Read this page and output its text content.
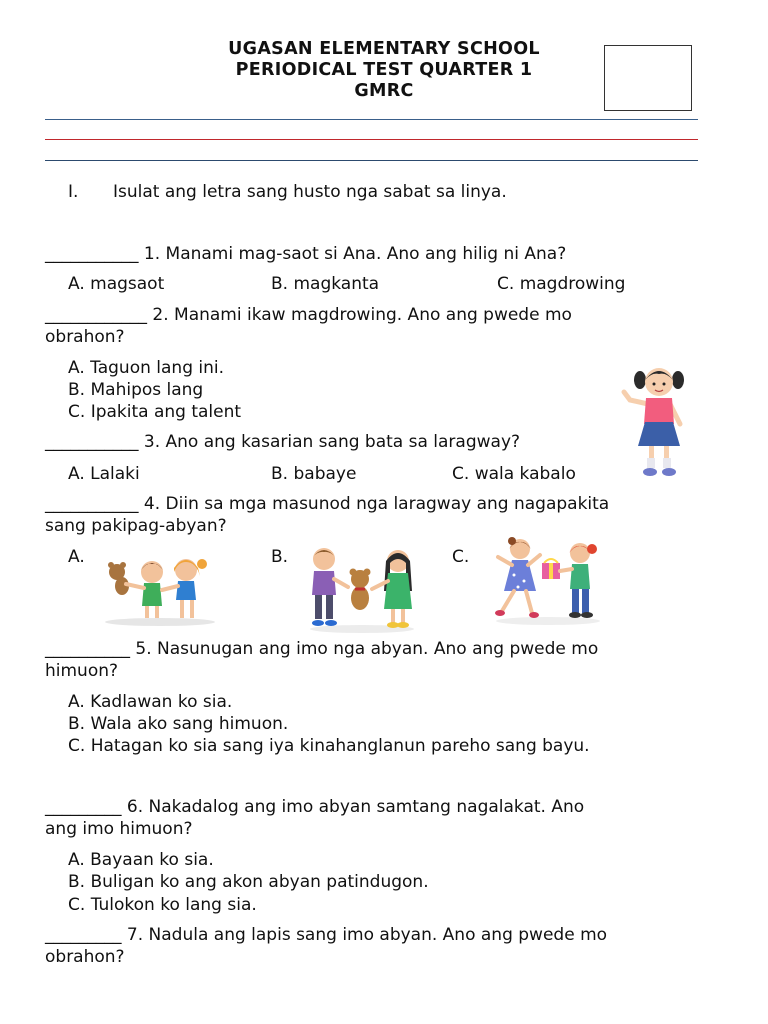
UGASAN ELEMENTARY SCHOOL
PERIODICAL TEST QUARTER 1
GMRC
I. Isulat ang letra sang husto nga sabat sa linya.
___________ 1. Manami mag-saot si Ana. Ano ang hilig ni Ana?
A. magsaot	B. magkanta	C. magdrowing
____________ 2. Manami ikaw magdrowing. Ano ang pwede mo
obrahon?
A. Taguon lang ini.
B. Mahipos lang
C. Ipakita ang talent
___________ 3. Ano ang kasarian sang bata sa laragway?
A. Lalaki	B. babaye	C. wala kabalo
___________ 4. Diin sa mga masunod nga laragway ang nagapakita
sang pakipag-abyan?
A.	B.	C.
__________ 5. Nasunugan ang imo nga abyan. Ano ang pwede mo
himuon?
A. Kadlawan ko sia.
B. Wala ako sang himuon.
C. Hatagan ko sia sang iya kinahanglanun pareho sang bayu.
_________ 6. Nakadalog ang imo abyan samtang nagalakat. Ano
ang imo himuon?
A. Bayaan ko sia.
B. Buligan ko ang akon abyan patindugon.
C. Tulokon ko lang sia.
_________ 7. Nadula ang lapis sang imo abyan. Ano ang pwede mo
obrahon?
